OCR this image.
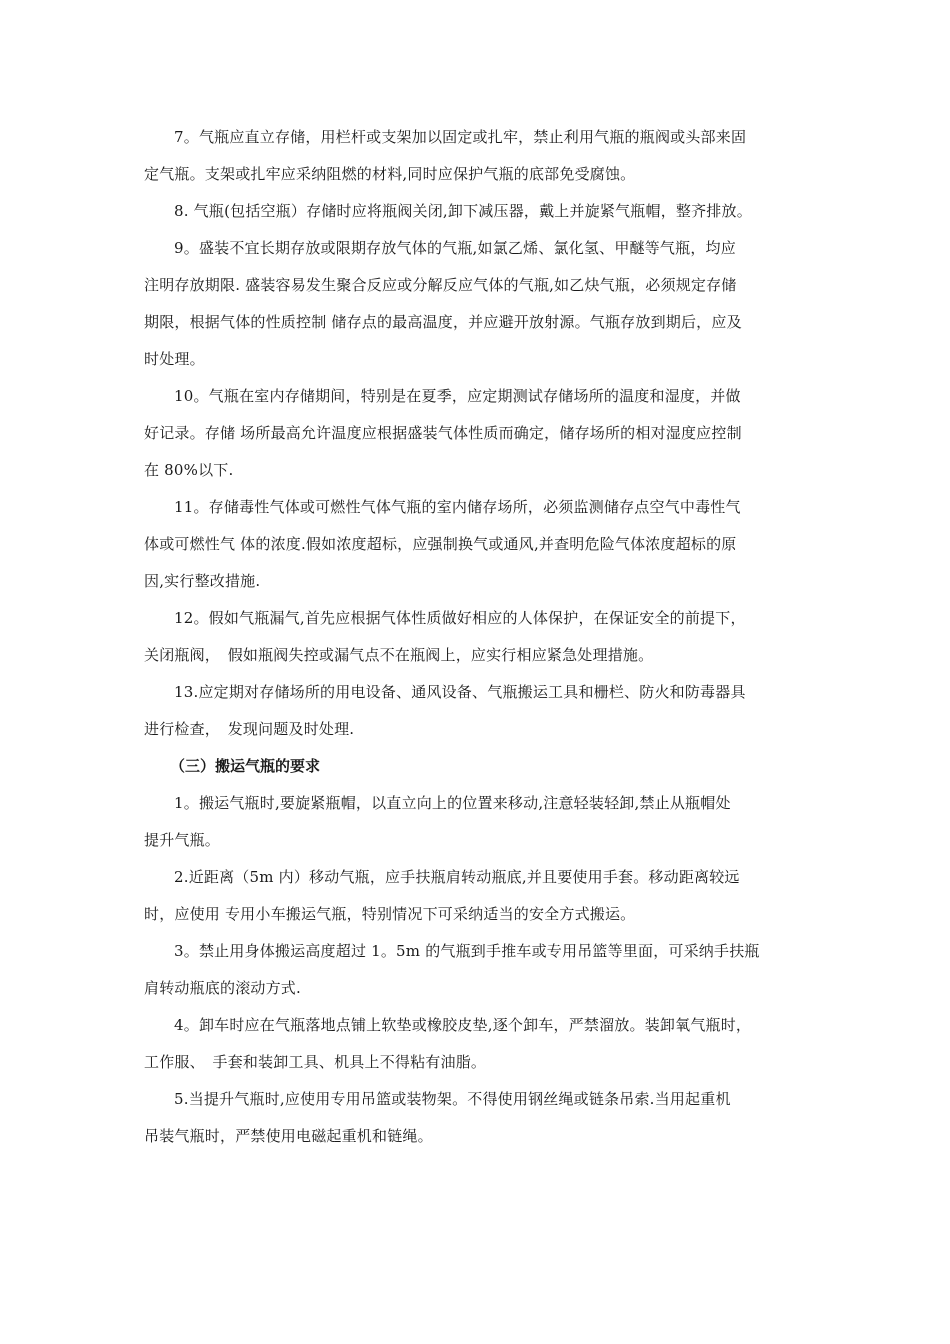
7。气瓶应直立存储，用栏杆或支架加以固定或扎牢，禁止利用气瓶的瓶阀或头部来固
定气瓶。支架或扎牢应采纳阻燃的材料,同时应保护气瓶的底部免受腐蚀。
8. 气瓶(包括空瓶）存储时应将瓶阀关闭,卸下减压器，戴上并旋紧气瓶帽，整齐排放。
9。盛装不宜长期存放或限期存放气体的气瓶,如氯乙烯、氯化氢、甲醚等气瓶，均应
注明存放期限. 盛装容易发生聚合反应或分解反应气体的气瓶,如乙炔气瓶，必须规定存储
期限，根据气体的性质控制 储存点的最高温度，并应避开放射源。气瓶存放到期后，应及
时处理。
10。气瓶在室内存储期间，特别是在夏季，应定期测试存储场所的温度和湿度，并做
好记录。存储 场所最高允许温度应根据盛装气体性质而确定，储存场所的相对湿度应控制
在 80%以下.
11。存储毒性气体或可燃性气体气瓶的室内储存场所，必须监测储存点空气中毒性气
体或可燃性气 体的浓度.假如浓度超标，应强制换气或通风,并查明危险气体浓度超标的原
因,实行整改措施.
12。假如气瓶漏气,首先应根据气体性质做好相应的人体保护，在保证安全的前提下，
关闭瓶阀，　假如瓶阀失控或漏气点不在瓶阀上，应实行相应紧急处理措施。
13.应定期对存储场所的用电设备、通风设备、气瓶搬运工具和栅栏、防火和防毒器具
进行检查，　发现问题及时处理.
（三）搬运气瓶的要求
1。搬运气瓶时,要旋紧瓶帽，以直立向上的位置来移动,注意轻装轻卸,禁止从瓶帽处
提升气瓶。
2.近距离（5m 内）移动气瓶，应手扶瓶肩转动瓶底,并且要使用手套。移动距离较远
时，应使用 专用小车搬运气瓶，特别情况下可采纳适当的安全方式搬运。
3。禁止用身体搬运高度超过 1。5m 的气瓶到手推车或专用吊篮等里面，可采纳手扶瓶
肩转动瓶底的滚动方式.
4。卸车时应在气瓶落地点铺上软垫或橡胶皮垫,逐个卸车，严禁溜放。装卸氧气瓶时，
工作服、　手套和装卸工具、机具上不得粘有油脂。
5.当提升气瓶时,应使用专用吊篮或装物架。不得使用钢丝绳或链条吊索.当用起重机
吊装气瓶时，严禁使用电磁起重机和链绳。
